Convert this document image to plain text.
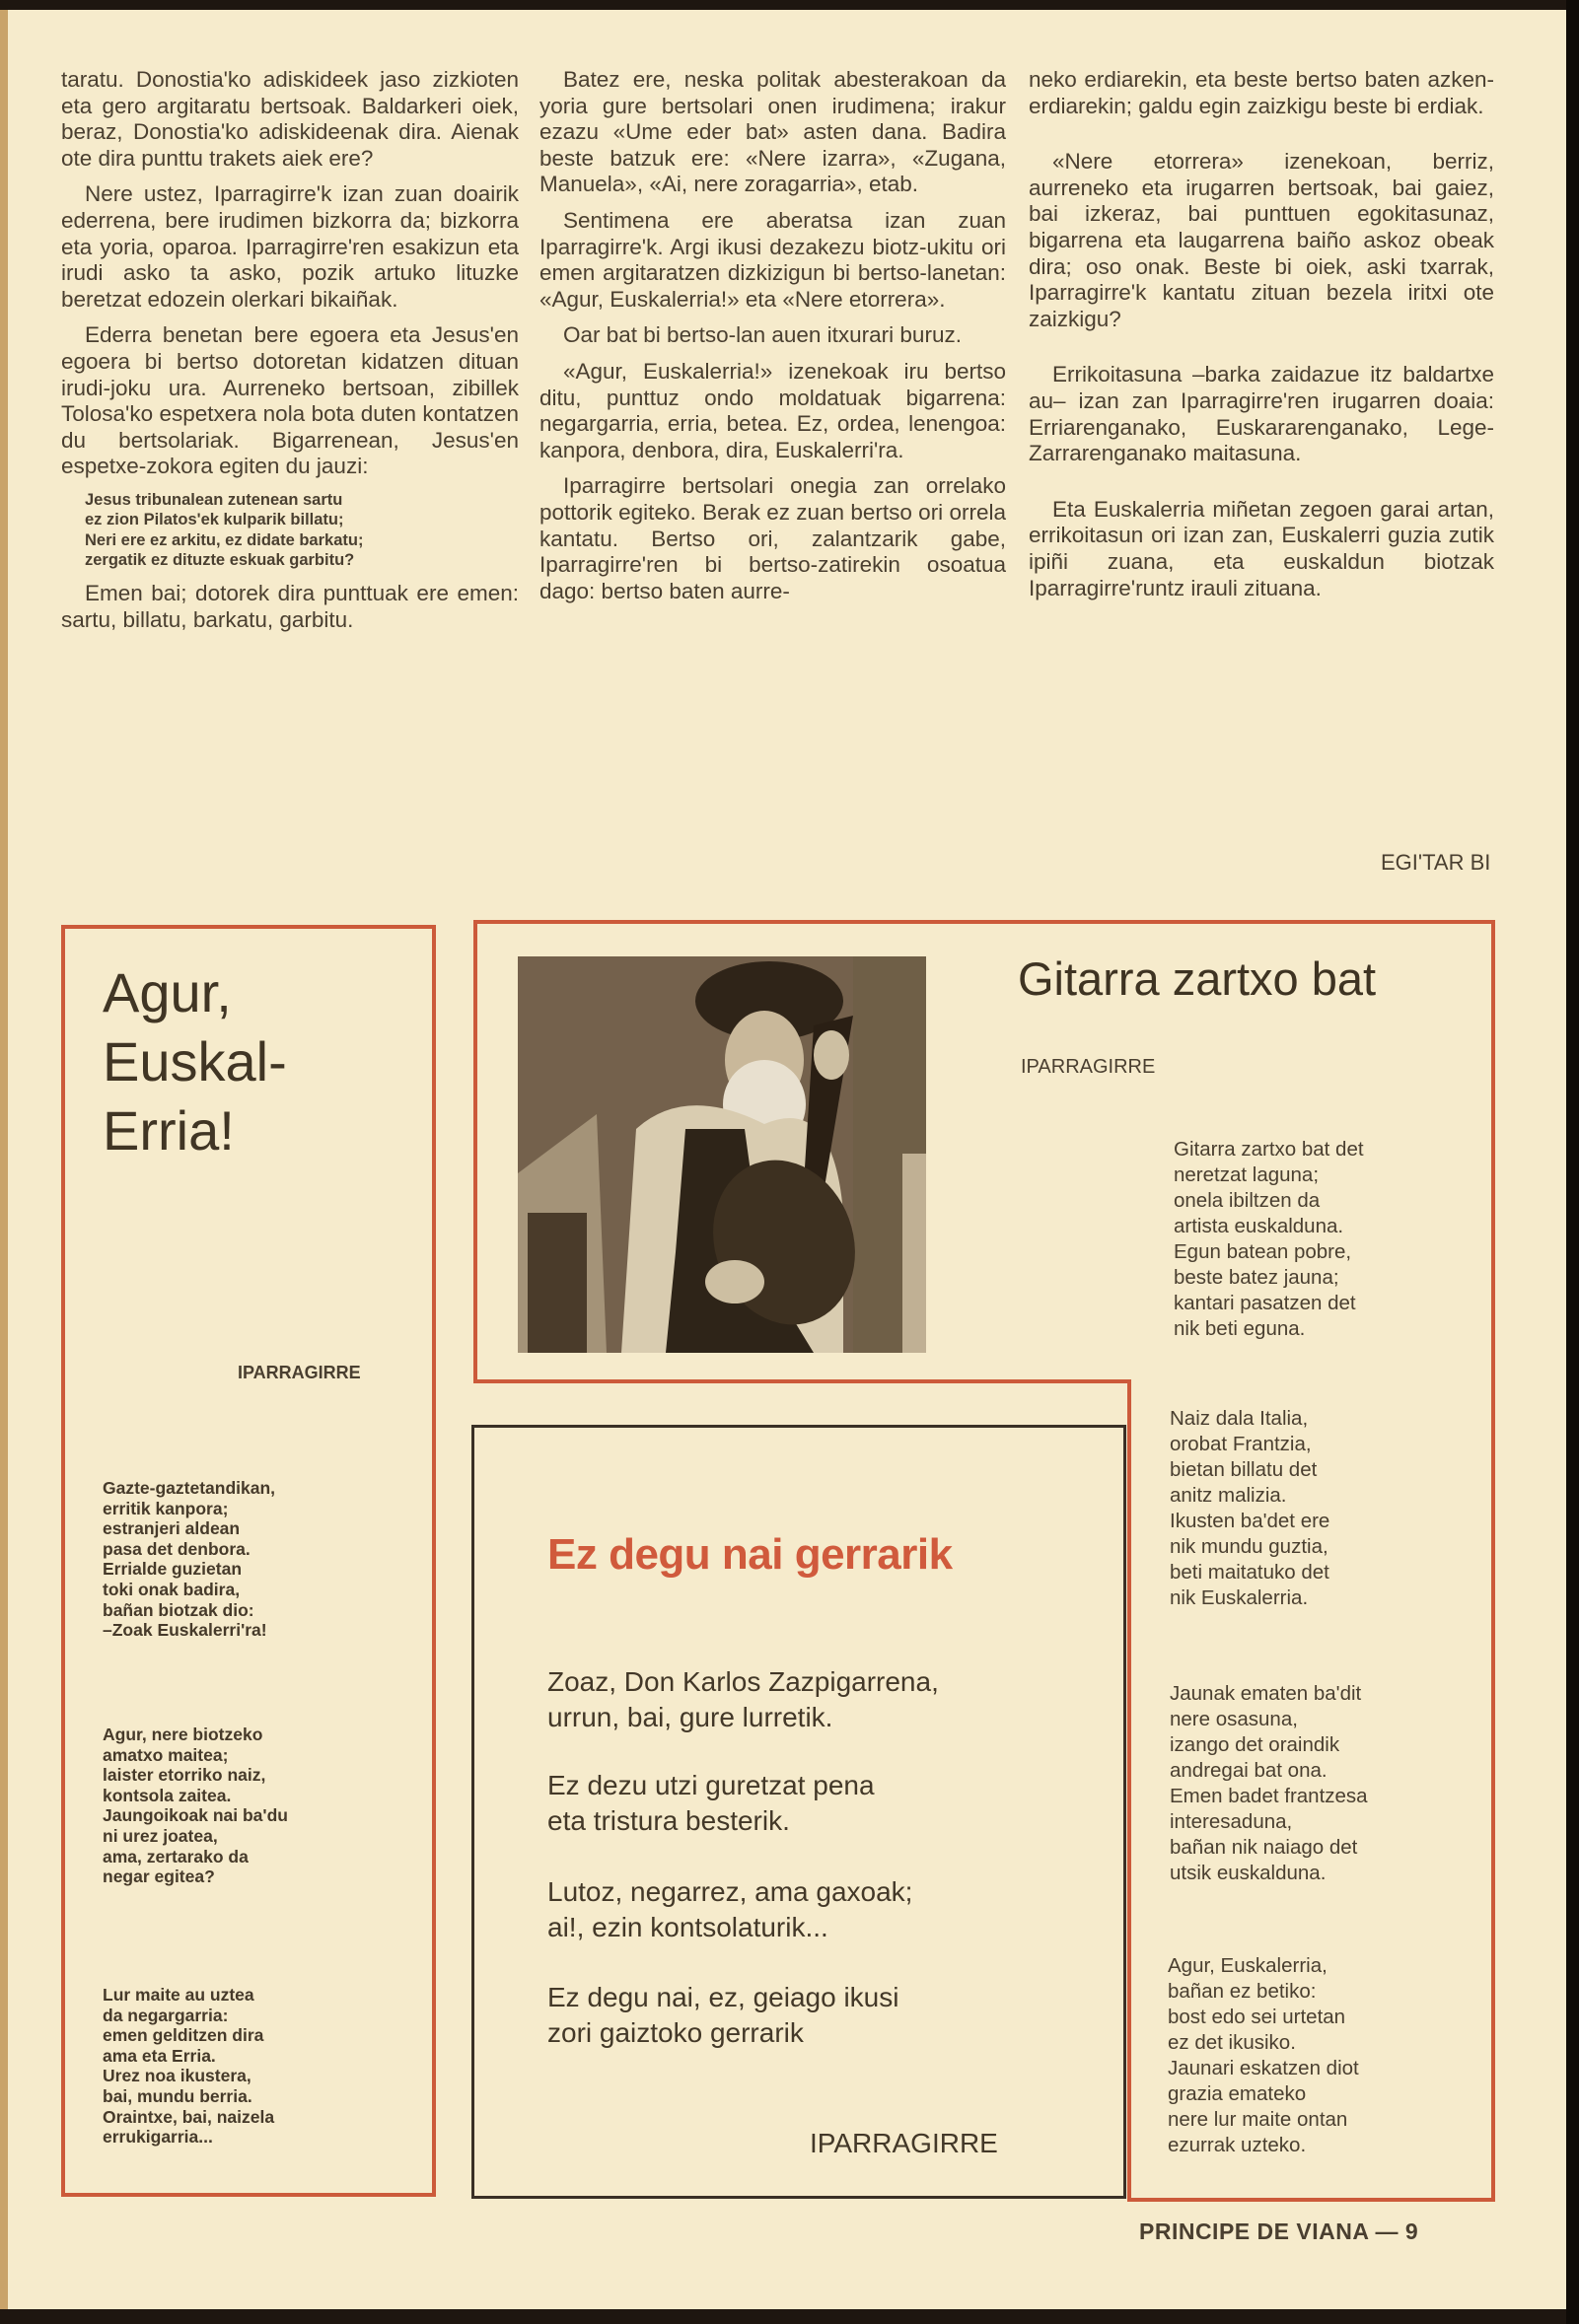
taratu. Donostia'ko adiskideek jaso zizkioten eta gero argitaratu bertsoak. Baldarkeri oiek, beraz, Donostia'ko adiskideenak dira. Aienak ote dira punttu trakets aiek ere?

Nere ustez, Iparragirre'k izan zuan doairik ederrena, bere irudimen bizkorra da; bizkorra eta yoria, oparoa. Iparragirre'ren esakizun eta irudi asko ta asko, pozik artuko lituzke beretzat edozein olerkari bikaiñak.

Ederra benetan bere egoera eta Jesus'en egoera bi bertso dotoretan kidatzen dituan irudi-joku ura. Aurreneko bertsoan, zibillek Tolosa'ko espetxera nola bota duten kontatzen du bertsolariak. Bigarrenean, Jesus'en espetxe-zokora egiten du jauzi:

Jesus tribunalean zutenean sartu
ez zion Pilatos'ek kulparik billatu;
Neri ere ez arkitu, ez didate barkatu;
zergatik ez dituzte eskuak garbitu?

Emen bai; dotorek dira punttuak ere emen: sartu, billatu, barkatu, garbitu.

Batez ere, neska politak abesterakoan da yoria gure bertsolari onen irudimena; irakur ezazu «Ume eder bat» asten dana. Badira beste batzuk ere: «Nere izarra», «Zugana, Manuela», «Ai, nere zoragarria», etab.

Sentimena ere aberatsa izan zuan Iparragirre'k. Argi ikusi dezakezu biotz-ukitu ori emen argitaratzen dizkizigun bi bertso-lanetan: «Agur, Euskalerria!» eta «Nere etorrera».

Oar bat bi bertso-lan auen itxurari buruz.

«Agur, Euskalerria!» izenekoak iru bertso ditu, punttuz ondo moldatuak bigarrena: negargarria, erria, betea. Ez, ordea, lenengoa: kanpora, denbora, dira, Euskalerri'ra.

Iparragirre bertsolari onegia zan orrelako pottorik egiteko. Berak ez zuan bertso ori orrela kantatu. Bertso ori, zalantzarik gabe, Iparragirre'ren bi bertso-zatirekin osoatua dago: bertso baten aurre-

neko erdiarekin, eta beste bertso baten azken-erdiarekin; galdu egin zaizkigu beste bi erdiak.

«Nere etorrera» izenekoan, berriz, aurreneko eta irugarren bertsoak, bai gaiez, bai izkeraz, bai punttuen egokitasunaz, bigarrena eta laugarrena baiño askoz obeak dira; oso onak. Beste bi oiek, aski txarrak, Iparragirre'k kantatu zituan bezela iritxi ote zaizkigu?

Errikoitasuna –barka zaidazue itz baldartxe au– izan zan Iparragirre'ren irugarren doaia: Erriarenganako, Euskararenganako, Lege-Zarrarenganako maitasuna.

Eta Euskalerria miñetan zegoen garai artan, errikoitasun ori izan zan, Euskalerri guzia zutik ipiñi zuana, eta euskaldun biotzak Iparragirre'runtz irauli zituana.

EGI'TAR BI
Agur,
Euskal-
Erria!
IPARRAGIRRE
Gazte-gaztetandikan,
erritik kanpora;
estranjeri aldean
pasa det denbora.
Errialde guzietan
toki onak badira,
bañan biotzak dio:
–Zoak Euskalerri'ra!
Agur, nere biotzeko
amatxo maitea;
laister etorriko naiz,
kontsola zaitea.
Jaungoikoak nai ba'du
ni urez joatea,
ama, zertarako da
negar egitea?
Lur maite au uztea
da negargarria:
emen gelditzen dira
ama eta Erria.
Urez noa ikustera,
bai, mundu berria.
Oraintxe, bai, naizela
errukigarria...
Gitarra zartxo bat
IPARRAGIRRE
Gitarra zartxo bat det
neretzat laguna;
onela ibiltzen da
artista euskalduna.
Egun batean pobre,
beste batez jauna;
kantari pasatzen det
nik beti eguna.
Naiz dala Italia,
orobat Frantzia,
bietan billatu det
anitz malizia.
Ikusten ba'det ere
nik mundu guztia,
beti maitatuko det
nik Euskalerria.
Jaunak ematen ba'dit
nere osasuna,
izango det oraindik
andregai bat ona.
Emen badet frantzesa
interesaduna,
bañan nik naiago det
utsik euskalduna.
Agur, Euskalerria,
bañan ez betiko:
bost edo sei urtetan
ez det ikusiko.
Jaunari eskatzen diot
grazia emateko
nere lur maite ontan
ezurrak uzteko.
Ez degu nai gerrarik
Zoaz, Don Karlos Zazpigarrena,
urrun, bai, gure lurretik.
Ez dezu utzi guretzat pena
eta tristura besterik.
Lutoz, negarrez, ama gaxoak;
ai!, ezin kontsolaturik...
Ez degu nai, ez, geiago ikusi
zori gaiztoko gerrarik
IPARRAGIRRE
PRINCIPE DE VIANA — 9
